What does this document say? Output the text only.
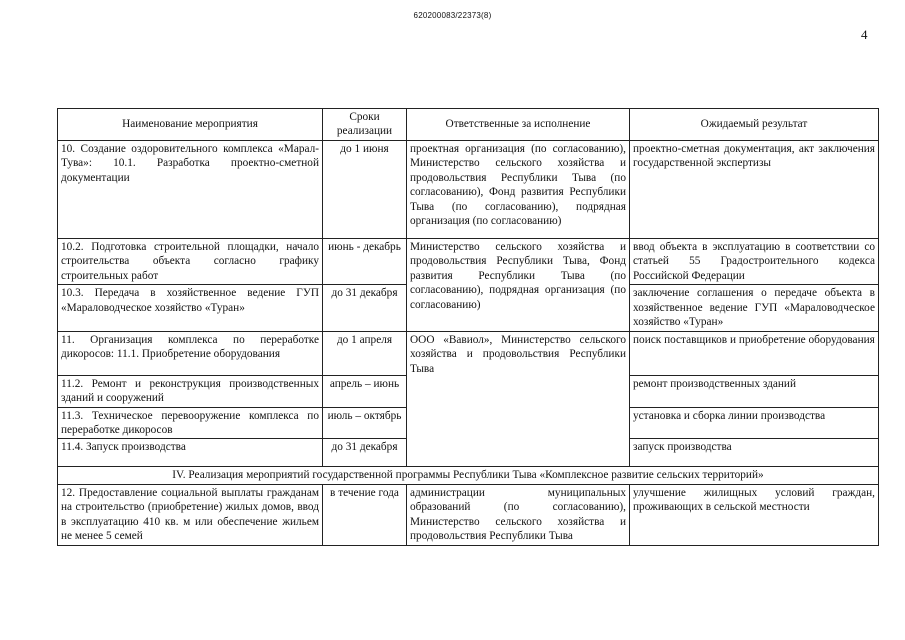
620200083/22373(8)
4
Наименование мероприятия	Сроки реализации	Ответственные за исполнение	Ожидаемый результат
10. Создание оздоровительного комплекса «Марал-Тува»: 10.1. Разработка проектно-сметной документации	до 1 июня	проектная организация (по согласованию), Министерство сельского хозяйства и продовольствия Республики Тыва (по согласованию), Фонд развития Республики Тыва (по согласованию), подрядная организация (по согласованию)	проектно-сметная документация, акт заключения государственной экспертизы
10.2. Подготовка строительной площадки, начало строительства объекта согласно графику строительных работ	июнь - декабрь	Министерство сельского хозяйства и продовольствия Республики Тыва, Фонд развития Республики Тыва (по согласованию), подрядная организация (по согласованию)	ввод объекта в эксплуатацию в соответствии со статьей 55 Градостроительного кодекса Российской Федерации
10.3. Передача в хозяйственное ведение ГУП «Мараловодческое хозяйство «Туран»	до 31 декабря		заключение соглашения о передаче объекта в хозяйственное ведение ГУП «Мараловодческое хозяйство «Туран»
11. Организация комплекса по переработке дикоросов: 11.1. Приобретение оборудования	до 1 апреля	ООО «Вавиол», Министерство сельского хозяйства и продовольствия Республики Тыва	поиск поставщиков и приобретение оборудования
11.2. Ремонт и реконструкция производственных зданий и сооружений	апрель – июнь		ремонт производственных зданий
11.3. Техническое перевооружение комплекса по переработке дикоросов	июль – октябрь		установка и сборка линии производства
11.4. Запуск производства	до 31 декабря		запуск производства
IV. Реализация мероприятий государственной программы Республики Тыва «Комплексное развитие сельских территорий»			
12. Предоставление социальной выплаты гражданам на строительство (приобретение) жилых домов, ввод в эксплуатацию 410 кв. м или обеспечение жильем не менее 5 семей	в течение года	администрации муниципальных образований (по согласованию), Министерство сельского хозяйства и продовольствия Республики Тыва	улучшение жилищных условий граждан, проживающих в сельской местности
